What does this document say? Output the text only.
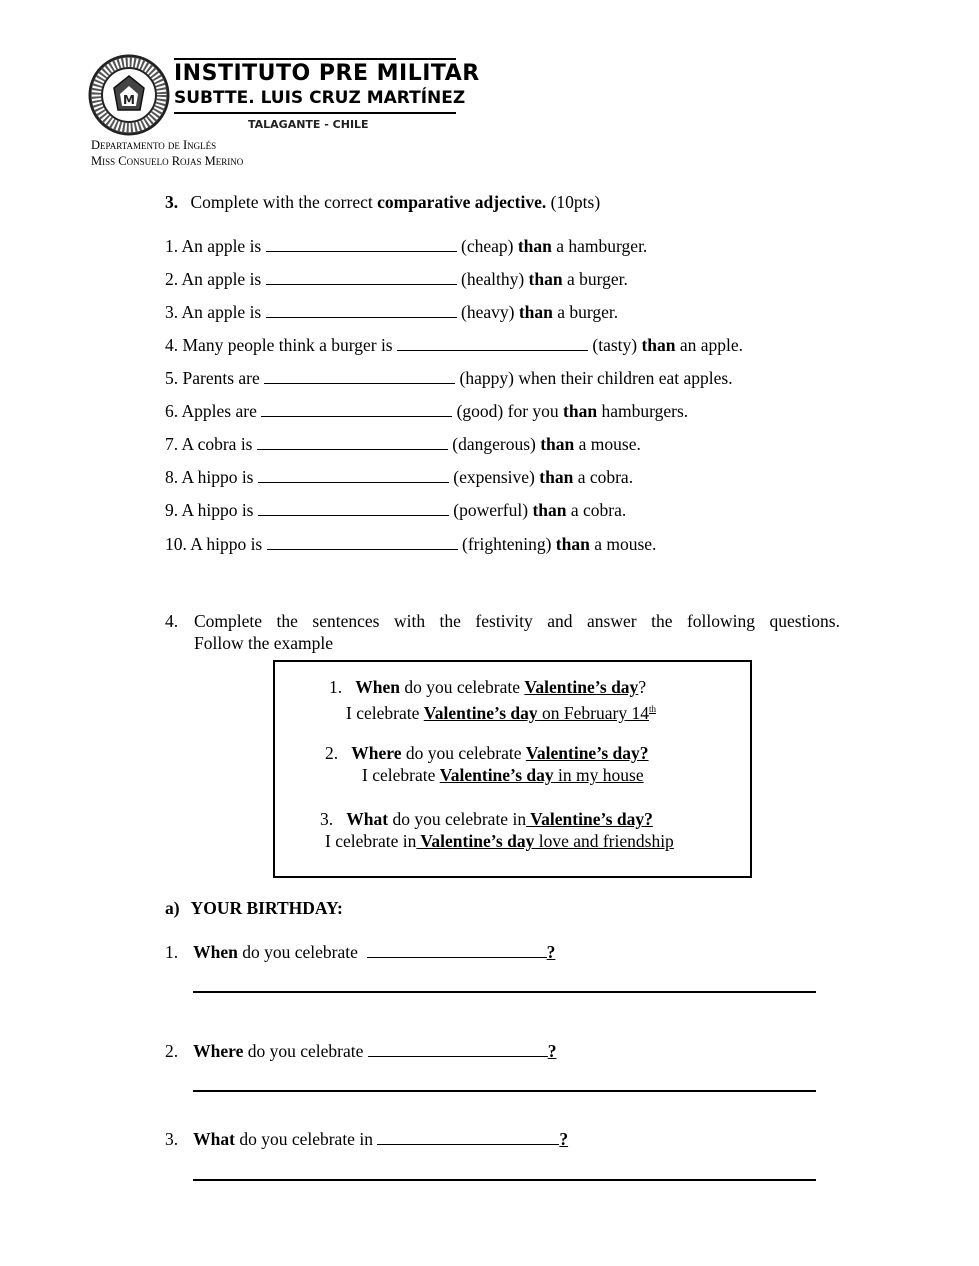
M
INSTITUTO PRE MILITAR
SUBTTE. LUIS CRUZ MARTÍNEZ
TALAGANTE - CHILE
Departamento de Inglés
Miss Consuelo Rojas Merino
3. Complete with the correct comparative adjective. (10pts)
1. An apple is	(cheap) than a hamburger.
2. An apple is	(healthy) than a burger.
3. An apple is	(heavy) than a burger.
4. Many people think a burger is	(tasty) than an apple.
5. Parents are	(happy) when their children eat apples.
6. Apples are	(good) for you than hamburgers.
7. A cobra is	(dangerous) than a mouse.
8. A hippo is	(expensive) than a cobra.
9. A hippo is	(powerful) than a cobra.
10. A hippo is	(frightening) than a mouse.
4. Complete the sentences with the festivity and answer the following questions.
Follow the example
1. When do you celebrate Valentine’s day?
I celebrate Valentine’s day on February 14th
2. Where do you celebrate Valentine’s day?
I celebrate Valentine’s day in my house
3. What do you celebrate in Valentine’s day?
I celebrate in Valentine’s day love and friendship
a) YOUR BIRTHDAY:
1. When do you celebrate	?
2. Where do you celebrate	?
3. What do you celebrate in	?
